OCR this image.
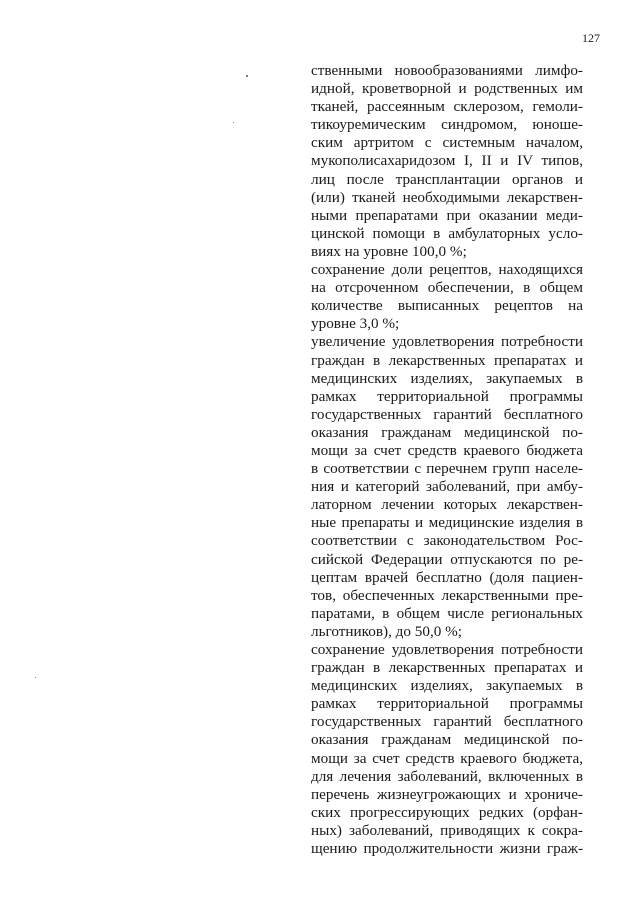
127
ственными новообразованиями лимфо-
идной, кроветворной и родственных им
тканей, рассеянным склерозом, гемоли-
тикоуремическим синдромом, юноше-
ским артритом с системным началом,
мукополисахаридозом I, II и IV типов,
лиц после трансплантации органов и
(или) тканей необходимыми лекарствен-
ными препаратами при оказании меди-
цинской помощи в амбулаторных усло-
виях на уровне 100,0 %;
сохранение доли рецептов, находящихся
на отсроченном обеспечении, в общем
количестве выписанных рецептов на
уровне 3,0 %;
увеличение удовлетворения потребности
граждан в лекарственных препаратах и
медицинских изделиях, закупаемых в
рамках территориальной программы
государственных гарантий бесплатного
оказания гражданам медицинской по-
мощи за счет средств краевого бюджета
в соответствии с перечнем групп населе-
ния и категорий заболеваний, при амбу-
латорном лечении которых лекарствен-
ные препараты и медицинские изделия в
соответствии с законодательством Рос-
сийской Федерации отпускаются по ре-
цептам врачей бесплатно (доля пациен-
тов, обеспеченных лекарственными пре-
паратами, в общем числе региональных
льготников), до 50,0 %;
сохранение удовлетворения потребности
граждан в лекарственных препаратах и
медицинских изделиях, закупаемых в
рамках территориальной программы
государственных гарантий бесплатного
оказания гражданам медицинской по-
мощи за счет средств краевого бюджета,
для лечения заболеваний, включенных в
перечень жизнеугрожающих и хрониче-
ских прогрессирующих редких (орфан-
ных) заболеваний, приводящих к сокра-
щению продолжительности жизни граж-
